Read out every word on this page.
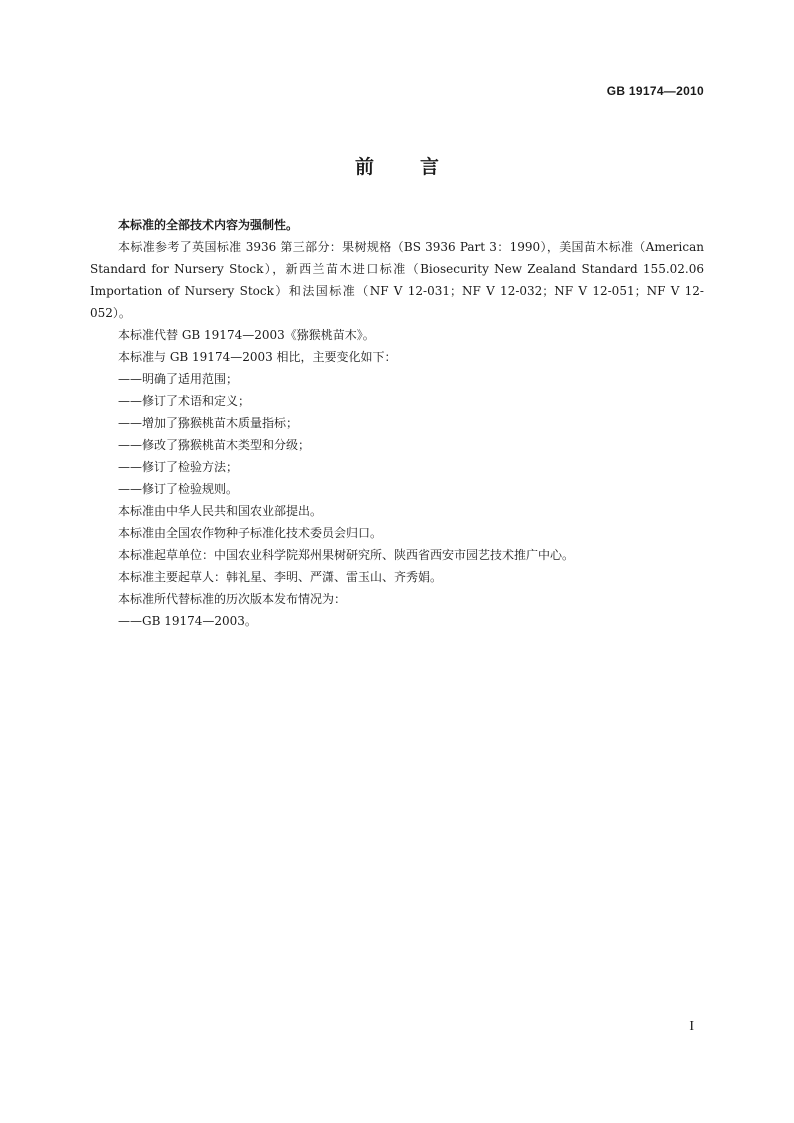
GB 19174—2010
前 言

本标准的全部技术内容为强制性。

本标准参考了英国标准 3936 第三部分：果树规格（BS 3936 Part 3：1990），美国苗木标准（American Standard for Nursery Stock），新西兰苗木进口标准（Biosecurity New Zealand Standard 155.02.06 Importation of Nursery Stock）和法国标准（NF V 12-031；NF V 12-032；NF V 12-051；NF V 12-052）。

本标准代替 GB 19174—2003《猕猴桃苗木》。

本标准与 GB 19174—2003 相比，主要变化如下：

——明确了适用范围；

——修订了术语和定义；

——增加了猕猴桃苗木质量指标；

——修改了猕猴桃苗木类型和分级；

——修订了检验方法；

——修订了检验规则。

本标准由中华人民共和国农业部提出。

本标准由全国农作物种子标准化技术委员会归口。

本标准起草单位：中国农业科学院郑州果树研究所、陕西省西安市园艺技术推广中心。

本标准主要起草人：韩礼星、李明、严潇、雷玉山、齐秀娟。

本标准所代替标准的历次版本发布情况为：

——GB 19174—2003。

I
